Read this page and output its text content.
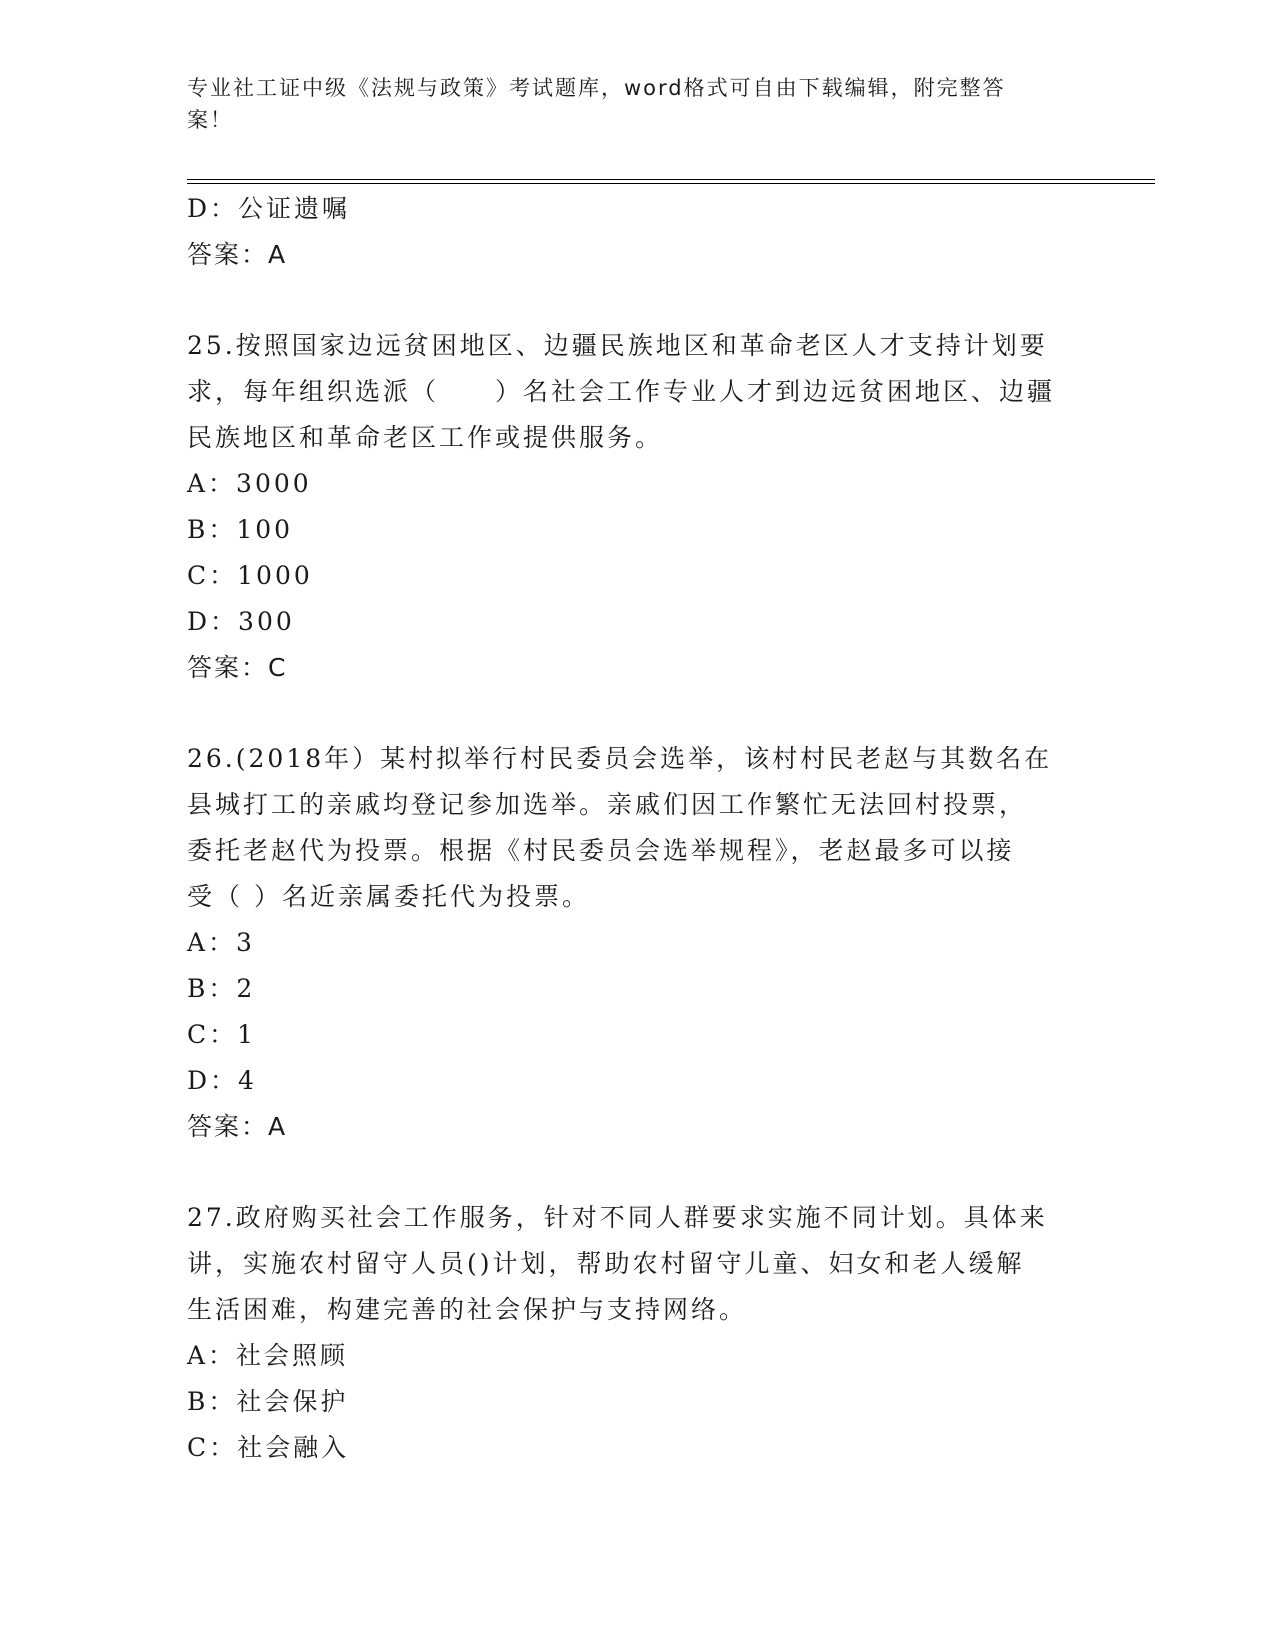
专业社工证中级《法规与政策》考试题库，word格式可自由下载编辑，附完整答
案！

D：公证遗嘱

答案：A

25.按照国家边远贫困地区、边疆民族地区和革命老区人才支持计划要
求，每年组织选派（　　）名社会工作专业人才到边远贫困地区、边疆
民族地区和革命老区工作或提供服务。

A：3000

B：100

C：1000

D：300

答案：C

26.(2018年）某村拟举行村民委员会选举，该村村民老赵与其数名在
县城打工的亲戚均登记参加选举。亲戚们因工作繁忙无法回村投票，
委托老赵代为投票。根据《村民委员会选举规程》，老赵最多可以接
受（ ）名近亲属委托代为投票。

A：3

B：2

C：1

D：4

答案：A

27.政府购买社会工作服务，针对不同人群要求实施不同计划。具体来
讲，实施农村留守人员()计划，帮助农村留守儿童、妇女和老人缓解
生活困难，构建完善的社会保护与支持网络。

A：社会照顾

B：社会保护

C：社会融入
